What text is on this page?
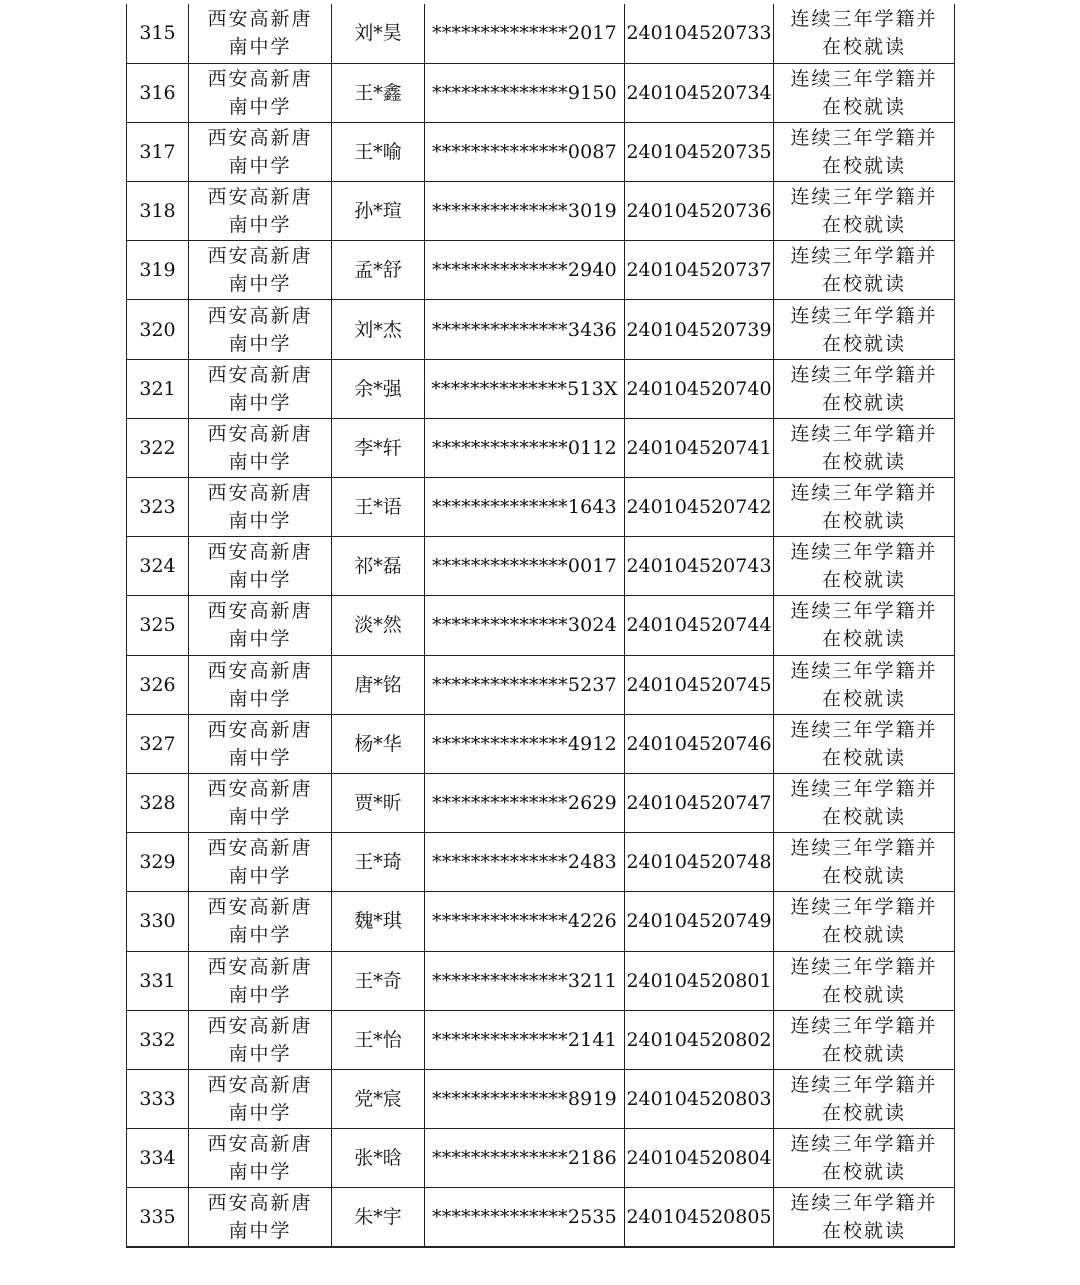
315	西安高新唐南中学	刘*昊	**************2017	240104520733	连续三年学籍并在校就读

316	西安高新唐南中学	王*鑫	**************9150	240104520734	连续三年学籍并在校就读

317	西安高新唐南中学	王*喻	**************0087	240104520735	连续三年学籍并在校就读

318	西安高新唐南中学	孙*瑄	**************3019	240104520736	连续三年学籍并在校就读

319	西安高新唐南中学	孟*舒	**************2940	240104520737	连续三年学籍并在校就读

320	西安高新唐南中学	刘*杰	**************3436	240104520739	连续三年学籍并在校就读

321	西安高新唐南中学	余*强	**************513X	240104520740	连续三年学籍并在校就读

322	西安高新唐南中学	李*轩	**************0112	240104520741	连续三年学籍并在校就读

323	西安高新唐南中学	王*语	**************1643	240104520742	连续三年学籍并在校就读

324	西安高新唐南中学	祁*磊	**************0017	240104520743	连续三年学籍并在校就读

325	西安高新唐南中学	淡*然	**************3024	240104520744	连续三年学籍并在校就读

326	西安高新唐南中学	唐*铭	**************5237	240104520745	连续三年学籍并在校就读

327	西安高新唐南中学	杨*华	**************4912	240104520746	连续三年学籍并在校就读

328	西安高新唐南中学	贾*昕	**************2629	240104520747	连续三年学籍并在校就读

329	西安高新唐南中学	王*琦	**************2483	240104520748	连续三年学籍并在校就读

330	西安高新唐南中学	魏*琪	**************4226	240104520749	连续三年学籍并在校就读

331	西安高新唐南中学	王*奇	**************3211	240104520801	连续三年学籍并在校就读

332	西安高新唐南中学	王*怡	**************2141	240104520802	连续三年学籍并在校就读

333	西安高新唐南中学	党*宸	**************8919	240104520803	连续三年学籍并在校就读

334	西安高新唐南中学	张*晗	**************2186	240104520804	连续三年学籍并在校就读

335	西安高新唐南中学	朱*宇	**************2535	240104520805	连续三年学籍并在校就读
